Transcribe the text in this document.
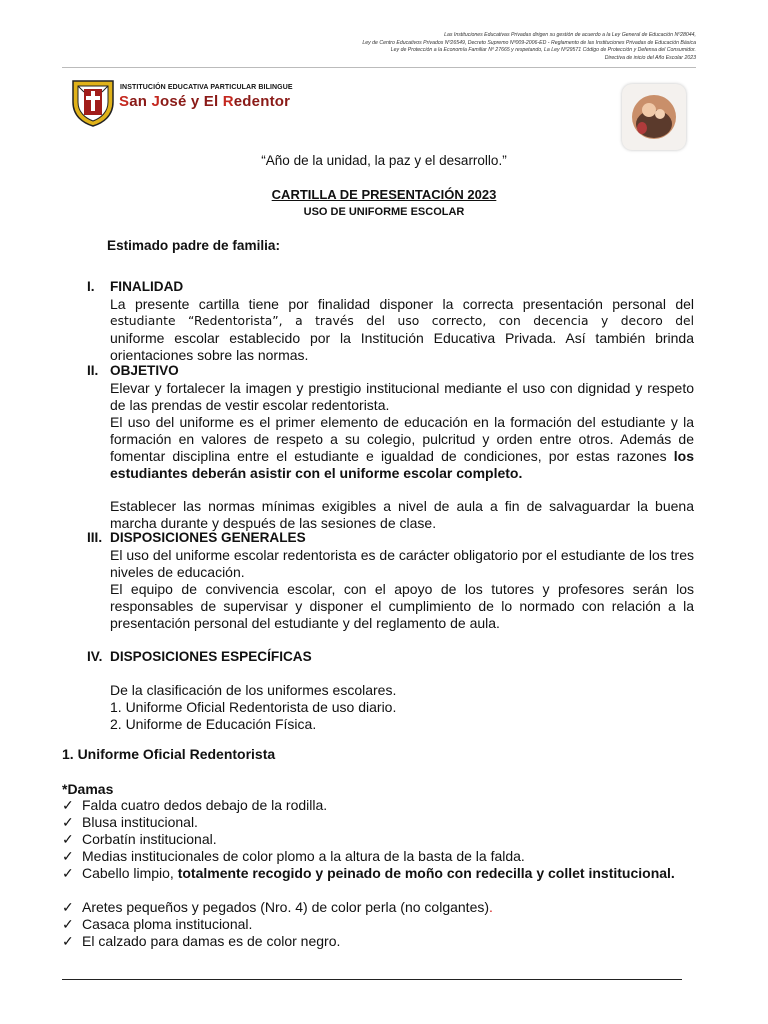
Las Instituciones Educativas Privadas dirigen su gestión de acuerdo a la Ley General de Educación Nº28044,
Ley de Centro Educativos Privados Nº26549, Decreto Supremo Nº009-2006-ED - Reglamento de las Instituciones Privadas de Educación Básica
Ley de Protección a la Economía Familiar Nº 27665 y respetando, La Ley Nº29571 Código de Protección y Defensa del Consumidor.
Directiva de inicio del Año Escolar 2023
INSTITUCIÓN EDUCATIVA PARTICULAR BILINGUE
San José y El Redentor
“Año de la unidad, la paz y el desarrollo.”
CARTILLA DE PRESENTACIÓN 2023
USO DE UNIFORME ESCOLAR
Estimado padre de familia:
I. FINALIDAD
La presente cartilla tiene por finalidad disponer la correcta presentación personal del
estudiante “Redentorista”, a través del uso correcto, con decencia y decoro del
uniforme escolar establecido por la Institución Educativa Privada. Así también brinda orientaciones sobre las normas.
II. OBJETIVO
Elevar y fortalecer la imagen y prestigio institucional mediante el uso con dignidad y respeto de las prendas de vestir escolar redentorista.
El uso del uniforme es el primer elemento de educación en la formación del estudiante y la formación en valores de respeto a su colegio, pulcritud y orden entre otros. Además de fomentar disciplina entre el estudiante e igualdad de condiciones, por estas razones los estudiantes deberán asistir con el uniforme escolar completo.
Establecer las normas mínimas exigibles a nivel de aula a fin de salvaguardar la buena marcha durante y después de las sesiones de clase.
III. DISPOSICIONES GENERALES
El uso del uniforme escolar redentorista es de carácter obligatorio por el estudiante de los tres niveles de educación.
El equipo de convivencia escolar, con el apoyo de los tutores y profesores serán los responsables de supervisar y disponer el cumplimiento de lo normado con relación a la presentación personal del estudiante y del reglamento de aula.
IV. DISPOSICIONES ESPECÍFICAS
De la clasificación de los uniformes escolares.
1. Uniforme Oficial Redentorista de uso diario.
2. Uniforme de Educación Física.
1. Uniforme Oficial Redentorista
*Damas
✓ Falda cuatro dedos debajo de la rodilla.
✓ Blusa institucional.
✓ Corbatín institucional.
✓ Medias institucionales de color plomo a la altura de la basta de la falda.
✓ Cabello limpio, totalmente recogido y peinado de moño con redecilla y collet institucional.
✓ Aretes pequeños y pegados (Nro. 4) de color perla (no colgantes).
✓ Casaca ploma institucional.
✓ El calzado para damas es de color negro.
